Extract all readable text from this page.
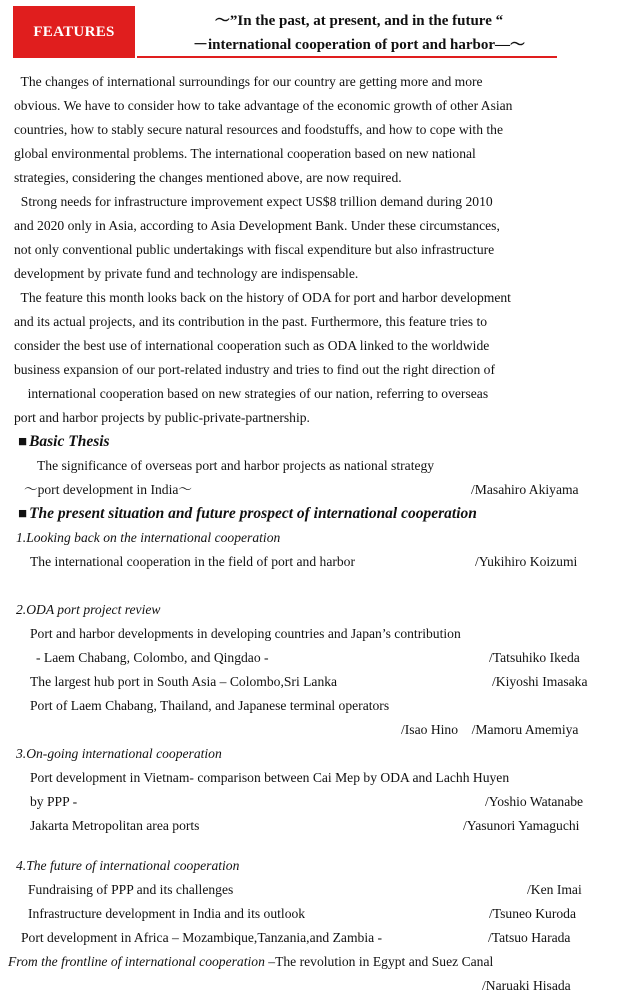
FEATURES
～”In the past, at present, and in the future “
－international cooperation of port and harbor―～
The changes of international surroundings for our country are getting more and more
obvious. We have to consider how to take advantage of the economic growth of other Asian
countries, how to stably secure natural resources and foodstuffs, and how to cope with the
global environmental problems. The international cooperation based on new national
strategies, considering the changes mentioned above, are now required.
Strong needs for infrastructure improvement expect US$8 trillion demand during 2010
and 2020 only in Asia, according to Asia Development Bank. Under these circumstances,
not only conventional public undertakings with fiscal expenditure but also infrastructure
development by private fund and technology are indispensable.
The feature this month looks back on the history of ODA for port and harbor development
and its actual projects, and its contribution in the past. Furthermore, this feature tries to
consider the best use of international cooperation such as ODA linked to the worldwide
business expansion of our port-related industry and tries to find out the right direction of
international cooperation based on new strategies of our nation, referring to overseas
port and harbor projects by public-private-partnership.
■ Basic Thesis
The significance of overseas port and harbor projects as national strategy
～port development in India～	/Masahiro Akiyama
■ The present situation and future prospect of international cooperation
1.Looking back on the international cooperation
The international cooperation in the field of port and harbor	/Yukihiro Koizumi
2.ODA port project review
Port and harbor developments in developing countries and Japan’s contribution
- Laem Chabang, Colombo, and Qingdao -	/Tatsuhiko Ikeda
The largest hub port in South Asia – Colombo,Sri Lanka	/Kiyoshi Imasaka
Port of Laem Chabang, Thailand, and Japanese terminal operators
/Isao Hino　/Mamoru Amemiya
3.On-going international cooperation
Port development in Vietnam- comparison between Cai Mep by ODA and Lachh Huyen
by PPP -	/Yoshio Watanabe
Jakarta Metropolitan area ports	/Yasunori Yamaguchi
4.The future of international cooperation
Fundraising of PPP and its challenges	/Ken Imai
Infrastructure development in India and its outlook	/Tsuneo Kuroda
Port development in Africa – Mozambique,Tanzania,and Zambia -	/Tatsuo Harada
From the frontline of international cooperation –The revolution in Egypt and Suez Canal
/Naruaki Hisada
